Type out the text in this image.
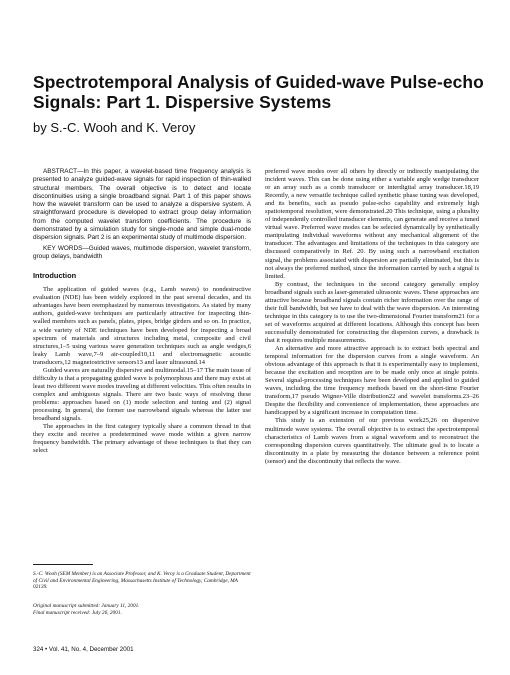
Spectrotemporal Analysis of Guided-wave Pulse-echo Signals: Part 1. Dispersive Systems

by S.-C. Wooh and K. Veroy

ABSTRACT—In this paper, a wavelet-based time frequency analysis is presented to analyze guided-wave signals for rapid inspection of thin-walled structural members. The overall objective is to detect and locate discontinuities using a single broadband signal. Part 1 of this paper shows how the wavelet transform can be used to analyze a dispersive system. A straightforward procedure is developed to extract group delay information from the computed wavelet transform coefficients. The procedure is demonstrated by a simulation study for single-mode and simple dual-mode dispersion signals. Part 2 is an experimental study of multimode dispersion.

KEY WORDS—Guided waves, multimode dispersion, wavelet transform, group delays, bandwidth

Introduction

The application of guided waves (e.g., Lamb waves) to nondestructive evaluation (NDE) has been widely explored in the past several decades, and its advantages have been reemphasized by numerous investigators. As stated by many authors, guided-wave techniques are particularly attractive for inspecting thin-walled members such as panels, plates, pipes, bridge girders and so on. In practice, a wide variety of NDE techniques have been developed for inspecting a broad spectrum of materials and structures including metal, composite and civil structures,1–5 using various wave generation techniques such as angle wedges,6 leaky Lamb wave,7–9 air-coupled10,11 and electromagnetic acoustic transducers,12 magnetostrictive sensors13 and laser ultrasound.14

Guided waves are naturally dispersive and multimodal.15–17 The main issue of difficulty is that a propagating guided wave is polymorphous and there may exist at least two different wave modes traveling at different velocities. This often results in complex and ambiguous signals. There are two basic ways of resolving these problems: approaches based on (1) mode selection and tuning and (2) signal processing. In general, the former use narrowband signals whereas the latter use broadband signals.

The approaches in the first category typically share a common thread in that they excite and receive a predetermined wave mode within a given narrow frequency bandwidth. The primary advantage of these techniques is that they can select

preferred wave modes over all others by directly or indirectly manipulating the incident waves. This can be done using either a variable angle wedge transducer or an array such as a comb transducer or interdigital array transducer.18,19 Recently, a new versatile technique called synthetic phase tuning was developed, and its benefits, such as pseudo pulse-echo capability and extremely high spatiotemporal resolution, were demonstrated.20 This technique, using a plurality of independently controlled transducer elements, can generate and receive a tuned virtual wave. Preferred wave modes can be selected dynamically by synthetically manipulating individual waveforms without any mechanical alignment of the transducer. The advantages and limitations of the techniques in this category are discussed comparatively in Ref. 20. By using such a narrowband excitation signal, the problems associated with dispersion are partially eliminated, but this is not always the preferred method, since the information carried by such a signal is limited.

By contrast, the techniques in the second category generally employ broadband signals such as laser-generated ultrasonic waves. These approaches are attractive because broadband signals contain richer information over the range of their full bandwidth, but we have to deal with the wave dispersion. An interesting technique in this category is to use the two-dimensional Fourier transform21 for a set of waveforms acquired at different locations. Although this concept has been successfully demonstrated for constructing the dispersion curves, a drawback is that it requires multiple measurements.

An alternative and more attractive approach is to extract both spectral and temporal information for the dispersion curves from a single waveform. An obvious advantage of this approach is that it is experimentally easy to implement, because the excitation and reception are to be made only once at single points. Several signal-processing techniques have been developed and applied to guided waves, including the time frequency methods based on the short-time Fourier transform,17 pseudo Wigner-Ville distribution22 and wavelet transforms.23–26 Despite the flexibility and convenience of implementation, these approaches are handicapped by a significant increase in computation time.

This study is an extension of our previous work25,26 on dispersive multimode wave systems. The overall objective is to extract the spectrotemporal characteristics of Lamb waves from a signal waveform and to reconstruct the corresponding dispersion curves quantitatively. The ultimate goal is to locate a discontinuity in a plate by measuring the distance between a reference point (sensor) and the discontinuity that reflects the wave.

S.-C. Wooh (SEM Member) is an Associate Professor, and K. Veroy is a Graduate Student, Department of Civil and Environmental Engineering, Massachusetts Institute of Technology, Cambridge, MA 02139.

Original manuscript submitted: January 11, 2001.
Final manuscript received: July 26, 2001.

324 • Vol. 41, No. 4, December 2001
